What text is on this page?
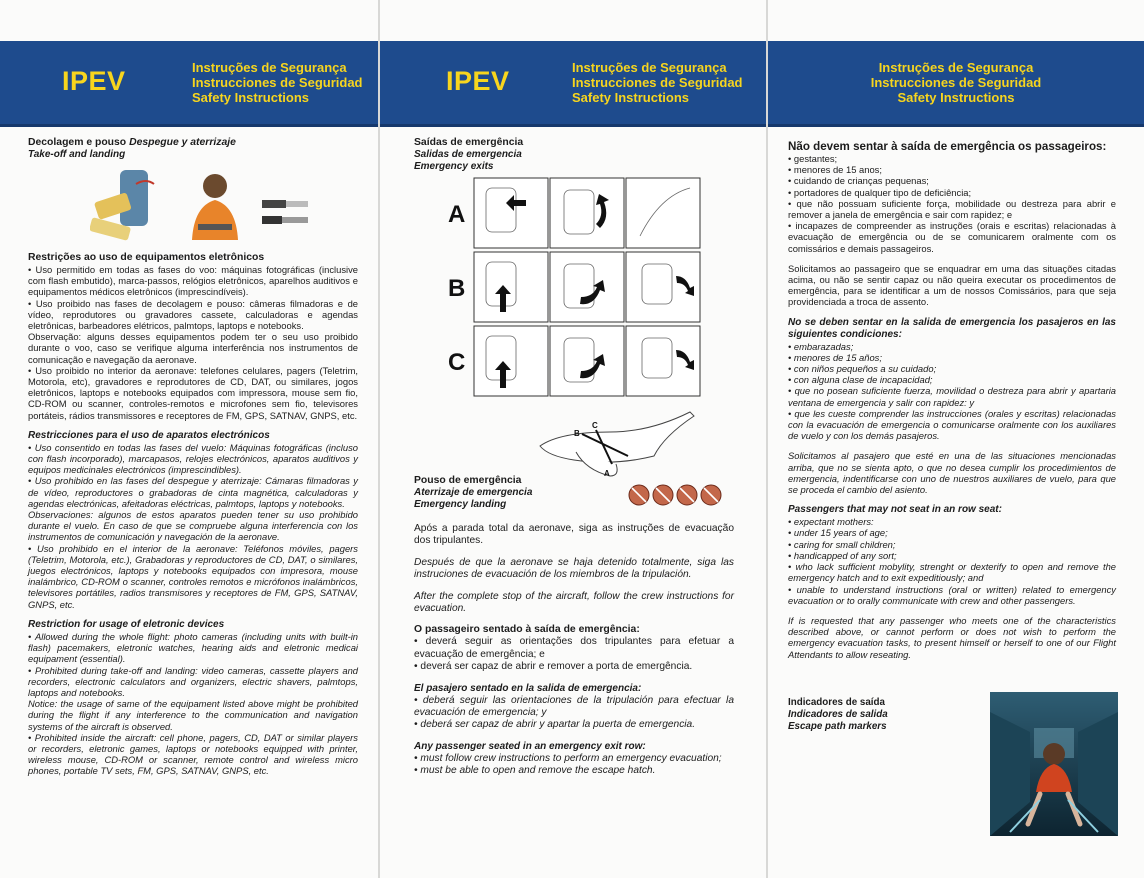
IPEV	Instruções de Segurança
Instrucciones de Seguridad
Safety Instructions

Decolagem e pouso Despegue y aterrizaje

Take-off and landing

Restrições ao uso de equipamentos eletrônicos

• Uso permitido em todas as fases do voo: máquinas fotográficas (inclusive com flash embutido), marca-passos, relógios eletrônicos, aparelhos auditivos e equipamentos médicos eletrônicos (imprescindíveis).

• Uso proibido nas fases de decolagem e pouso: câmeras filmadoras e de vídeo, reprodutores ou gravadores cassete, calculadoras e agendas eletrônicas, barbeadores elétricos, palmtops, laptops e notebooks.

Observação: alguns desses equipamentos podem ter o seu uso proibido durante o voo, caso se verifique alguma interferência nos instrumentos de comunicação e navegação da aeronave.

• Uso proibido no interior da aeronave: telefones celulares, pagers (Teletrim, Motorola, etc), gravadores e reprodutores de CD, DAT, ou similares, jogos eletrônicos, laptops e notebooks equipados com impressora, mouse sem fio, CD-ROM ou scanner, controles-remotos e microfones sem fio, televisores portáteis, rádios transmissores e receptores de FM, GPS, SATNAV, GNPS, etc.

Restricciones para el uso de aparatos electrónicos

• Uso consentido en todas las fases del vuelo: Máquinas fotográficas (incluso con flash incorporado), marcapasos, relojes electrónicos, aparatos auditivos y equipos medicinales electrónicos (imprescindibles).

• Uso prohibido en las fases del despegue y aterrizaje: Cámaras filmadoras y de vídeo, reproductores o grabadoras de cinta magnética, calculadoras y agendas electrónicas, afeitadoras eléctricas, palmtops, laptops y notebooks.

Observaciones: algunos de estos aparatos pueden tener su uso prohibido durante el vuelo. En caso de que se compruebe alguna interferencia con los instrumentos de comunicación y navegación de la aeronave.

• Uso prohibido en el interior de la aeronave: Teléfonos móviles, pagers (Teletrim, Motorola, etc.), Grabadoras y reproductores de CD, DAT, o similares, juegos electrónicos, laptops y notebooks equipados con impresora, mouse inalámbrico, CD-ROM o scanner, controles remotos e micrófonos inalámbricos, televisores portátiles, radios transmisores y receptores de FM, GPS, SATNAV, GNPS, etc.

Restriction for usage of eletronic devices

• Allowed during the whole flight: photo cameras (including units with built-in flash) pacemakers, eletronic watches, hearing aids and eletronic medicai equipament (essential).

• Prohibited during take-off and landing: video cameras, cassette players and recorders, electronic calculators and organizers, electric shavers, palmtops, laptops and notebooks.

Notice: the usage of same of the equipament listed above might be prohibited during the flight if any interference to the communication and navigation systems of the aircraft is observed.

• Prohibited inside the aircraft: cell phone, pagers, CD, DAT or similar players or recorders, eletronic games, laptops or notebooks equipped with printer, wireless mouse, CD-ROM or scanner, remote control and wireless micro phones, portable TV sets, FM, GPS, SATNAV, GNPS, etc.

IPEV	Instruções de Segurança
Instrucciones de Seguridad
Safety Instructions

Saídas de emergência

Salidas de emergencia

Emergency exits

A
B
C
B
C
A

Pouso de emergência

Aterrizaje de emergencia

Emergency landing

Após a parada total da aeronave, siga as instruções de evacuação dos tripulantes.

Después de que la aeronave se haja detenido totalmente, siga las instruciones de evacuación de los miembros de la tripulación.

After the complete stop of the aircraft, follow the crew instructions for evacuation.

O passageiro sentado à saída de emergência:

• deverá seguir as orientações dos tripulantes para efetuar a evacuação de emergência; e

• deverá ser capaz de abrir e remover a porta de emergência.

El pasajero sentado en la salida de emergencia:

• deberá seguir las orientaciones de la tripulación para efectuar la evacuación de emergencia; y

• deberá ser capaz de abrir y apartar la puerta de emergencia.

Any passenger seated in an emergency exit row:

• must follow crew instructions to perform an emergency evacuation;

• must be able to open and remove the escape hatch.

Instruções de Segurança
Instrucciones de Seguridad
Safety Instructions

Não devem sentar à saída de emergência os passageiros:

• gestantes;

• menores de 15 anos;

• cuidando de crianças pequenas;

• portadores de qualquer tipo de deficiência;

• que não possuam suficiente força, mobilidade ou destreza para abrir e remover a janela de emergência e sair com rapidez; e

• incapazes de compreender as instruções (orais e escritas) relacionadas à evacuação de emergência ou de se comunicarem oralmente com os comissários e demais passageiros.

Solicitamos ao passageiro que se enquadrar em uma das situações citadas acima, ou não se sentir capaz ou não queira executar os procedimentos de emergência, para se identificar a um de nossos Comissários, para que seja providenciada a troca de assento.

No se deben sentar en la salida de emergencia los pasajeros en las siguientes condiciones:

• embarazadas;

• menores de 15 años;

• con niños pequeños a su cuidado;

• con alguna clase de incapacidad;

• que no posean suficiente fuerza, movilidad o destreza para abrir y apartaria ventana de emergencia y salir con rapidez: y

• que les cueste comprender las instrucciones (orales y escritas) relacionadas con la evacuación de emergencia o comunicarse oralmente con los auxiliares de vuelo y con los demás pasajeros.

Solicitamos al pasajero que esté en una de las situaciones mencionadas arriba, que no se sienta apto, o que no desea cumplir los procedimientos de emergencia, indentificarse con uno de nuestros auxiliares de vuelo, para que se proceda el cambio del asiento.

Passengers that may not seat in an row seat:

• expectant mothers:

• under 15 years of age;

• caring for small children;

• handicapped of any sort;

• who lack sufficient mobylity, strenght or dexterify to open and remove the emergency hatch and to exit expeditiously; and

• unable to understand instructions (oral or written) related to emergency evacuation or to orally communicate with crew and other passengers.

If is requested that any passenger who meets one of the characteristics described above, or cannot perform or does not wish to perform the emergency evacuation tasks, to present himself or herself to one of our Flight Attendants to allow reseating.

Indicadores de saída

Indicadores de salida

Escape path markers
